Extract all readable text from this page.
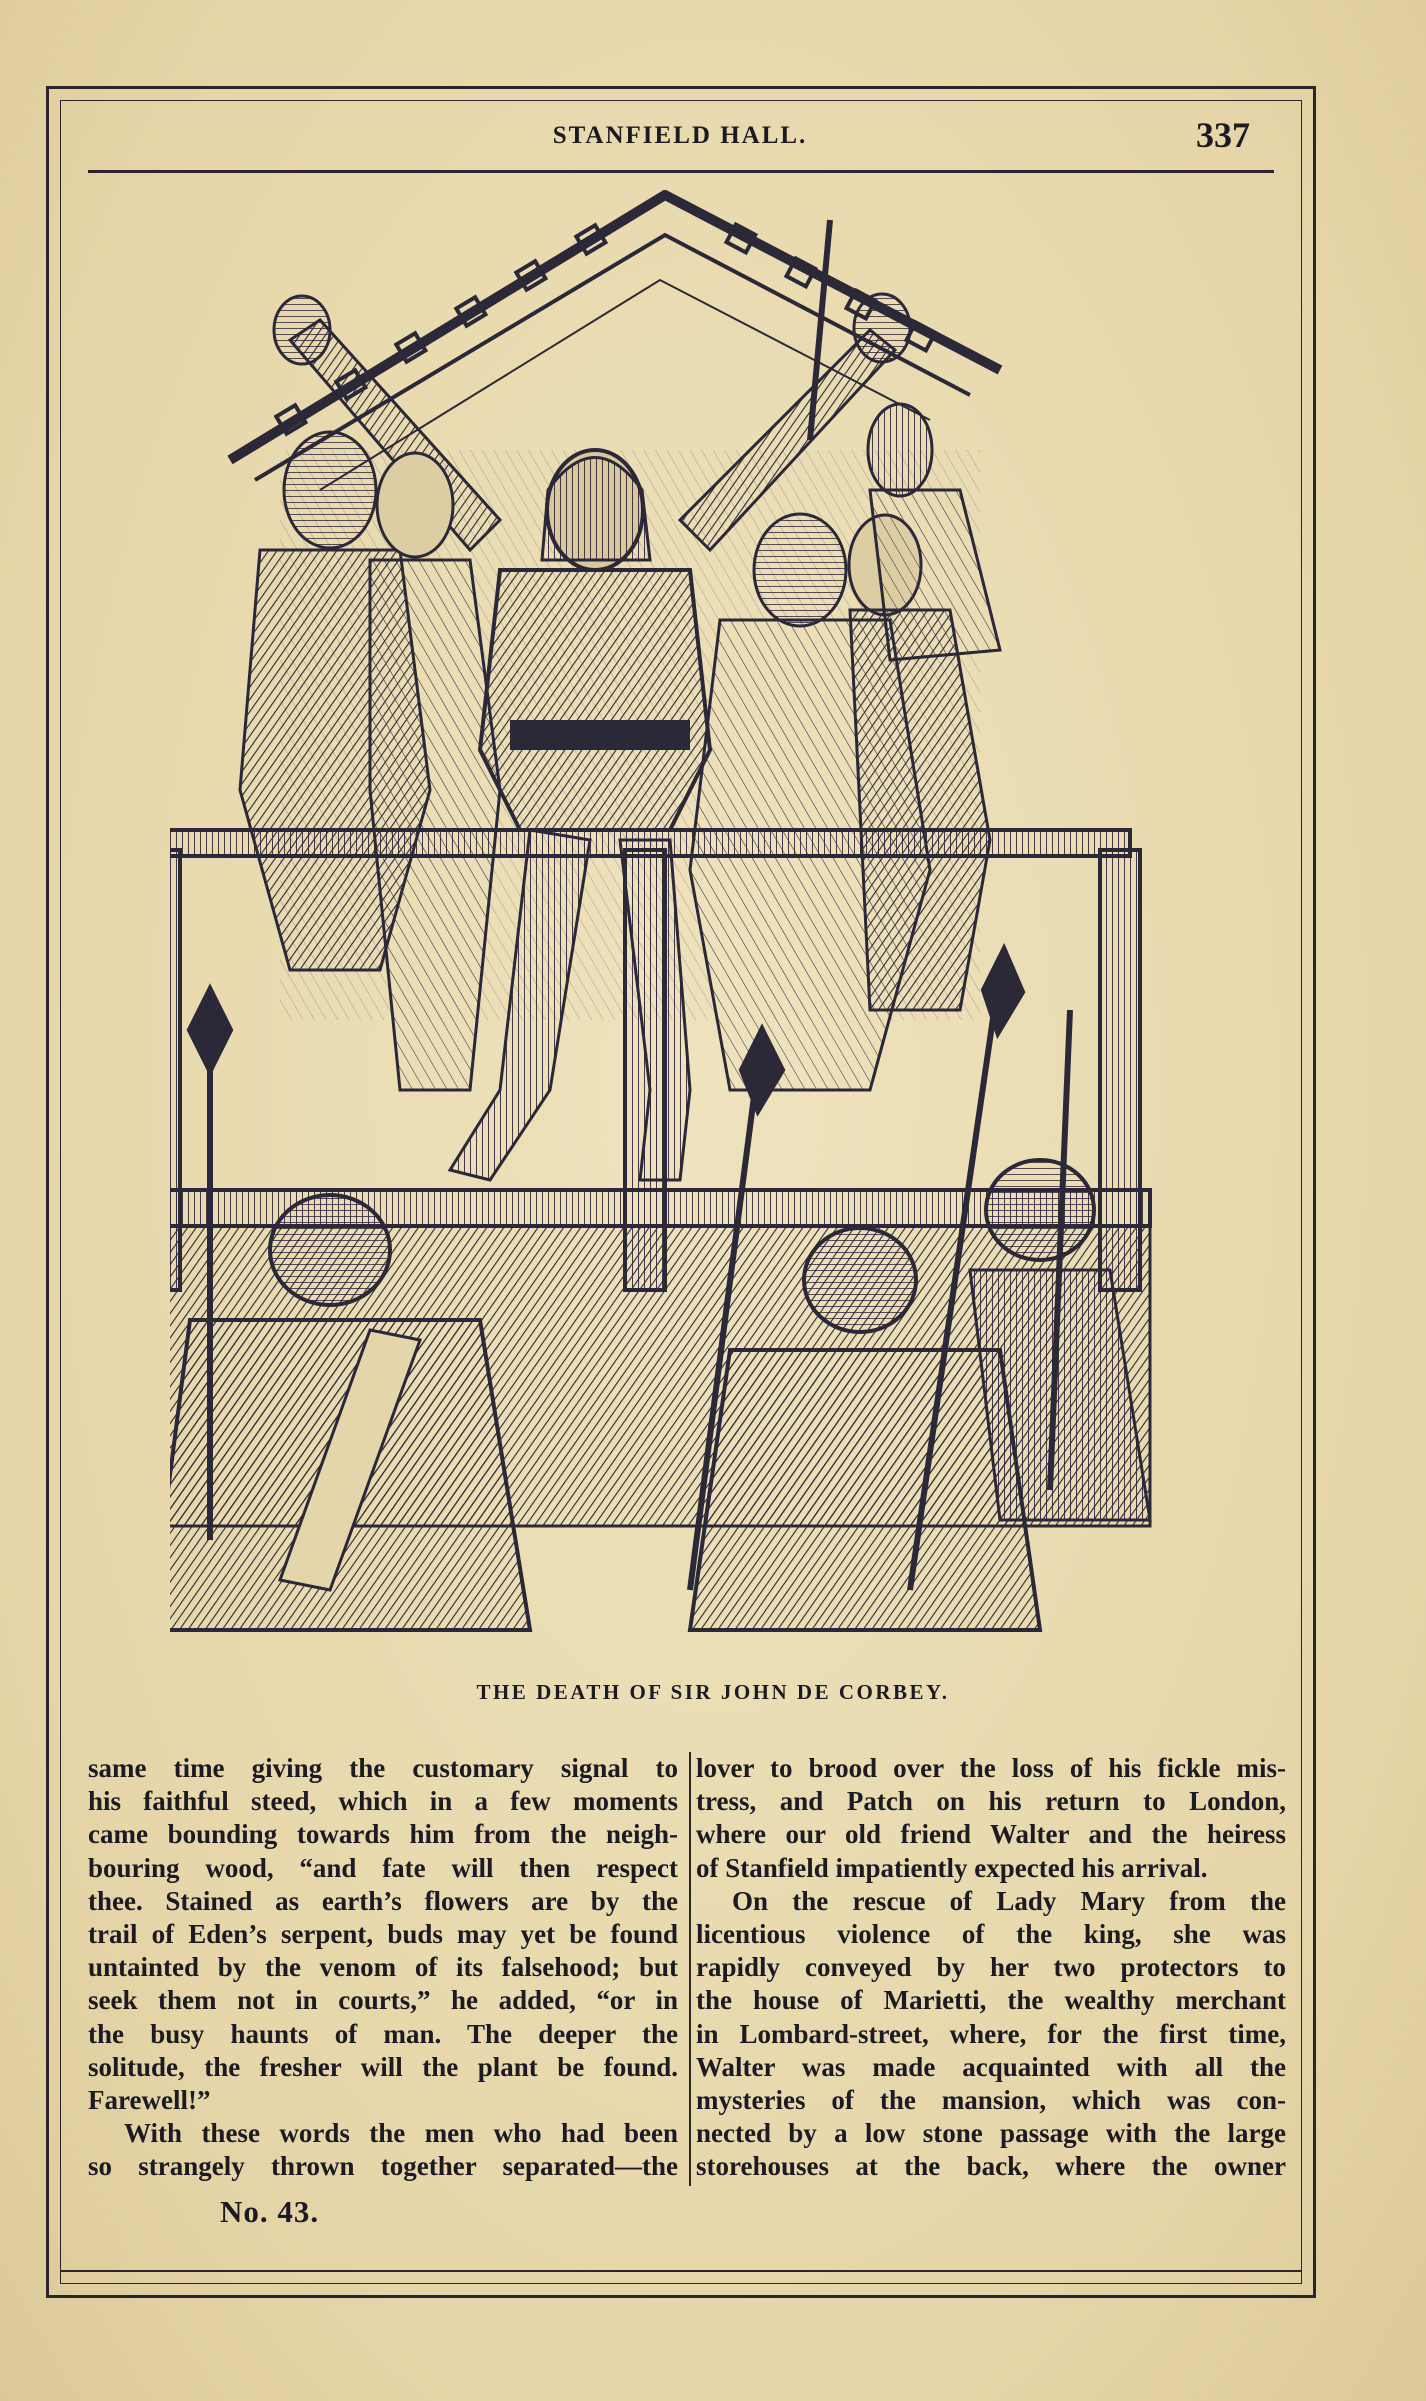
STANFIELD HALL.	337
THE DEATH OF SIR JOHN DE CORBEY.
same time giving the customary signal to
his faithful steed, which in a few moments
came bounding towards him from the neigh-
bouring wood, “and fate will then respect
thee. Stained as earth’s flowers are by the
trail of Eden’s serpent, buds may yet be found
untainted by the venom of its falsehood; but
seek them not in courts,” he added, “or in
the busy haunts of man. The deeper the
solitude, the fresher will the plant be found.
Farewell!”
With these words the men who had been
so strangely thrown together separated—the
lover to brood over the loss of his fickle mis-
tress, and Patch on his return to London,
where our old friend Walter and the heiress
of Stanfield impatiently expected his arrival.
On the rescue of Lady Mary from the
licentious violence of the king, she was
rapidly conveyed by her two protectors to
the house of Marietti, the wealthy merchant
in Lombard-street, where, for the first time,
Walter was made acquainted with all the
mysteries of the mansion, which was con-
nected by a low stone passage with the large
storehouses at the back, where the owner
No. 43.
